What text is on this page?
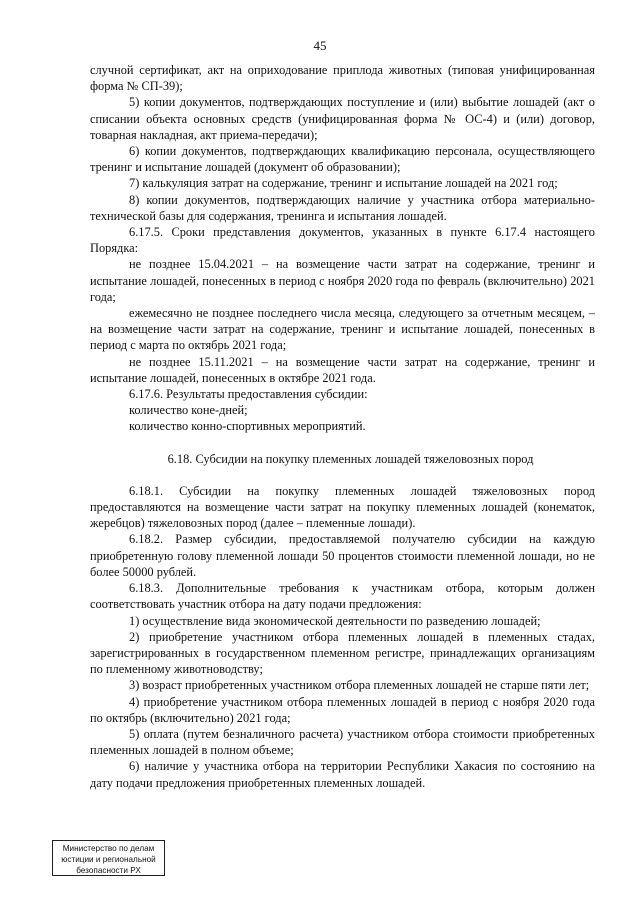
45

случной сертификат, акт на оприходование приплода животных (типовая унифицированная форма № СП-39);

5) копии документов, подтверждающих поступление и (или) выбытие лошадей (акт о списании объекта основных средств (унифицированная форма № ОС-4) и (или) договор, товарная накладная, акт приема-передачи);

6) копии документов, подтверждающих квалификацию персонала, осуществляющего тренинг и испытание лошадей (документ об образовании);

7) калькуляция затрат на содержание, тренинг и испытание лошадей на 2021 год;

8) копии документов, подтверждающих наличие у участника отбора материально-технической базы для содержания, тренинга и испытания лошадей.

6.17.5. Сроки представления документов, указанных в пункте 6.17.4 настоящего Порядка:

не позднее 15.04.2021 – на возмещение части затрат на содержание, тренинг и испытание лошадей, понесенных в период с ноября 2020 года по февраль (включительно) 2021 года;

ежемесячно не позднее последнего числа месяца, следующего за отчетным месяцем, – на возмещение части затрат на содержание, тренинг и испытание лошадей, понесенных в период с марта по октябрь 2021 года;

не позднее 15.11.2021 – на возмещение части затрат на содержание, тренинг и испытание лошадей, понесенных в октябре 2021 года.

6.17.6. Результаты предоставления субсидии:

количество коне-дней;

количество конно-спортивных мероприятий.

6.18. Субсидии на покупку племенных лошадей тяжеловозных пород

6.18.1. Субсидии на покупку племенных лошадей тяжеловозных пород предоставляются на возмещение части затрат на покупку племенных лошадей (конематок, жеребцов) тяжеловозных пород (далее – племенные лошади).

6.18.2. Размер субсидии, предоставляемой получателю субсидии на каждую приобретенную голову племенной лошади 50 процентов стоимости племенной лошади, но не более 50000 рублей.

6.18.3. Дополнительные требования к участникам отбора, которым должен соответствовать участник отбора на дату подачи предложения:

1) осуществление вида экономической деятельности по разведению лошадей;

2) приобретение участником отбора племенных лошадей в племенных стадах, зарегистрированных в государственном племенном регистре, принадлежащих организациям по племенному животноводству;

3) возраст приобретенных участником отбора племенных лошадей не старше пяти лет;

4) приобретение участником отбора племенных лошадей в период с ноября 2020 года по октябрь (включительно) 2021 года;

5) оплата (путем безналичного расчета) участником отбора стоимости приобретенных племенных лошадей в полном объеме;

6) наличие у участника отбора на территории Республики Хакасия по состоянию на дату подачи предложения приобретенных племенных лошадей.

Министерство по делам
юстиции и региональной
безопасности РХ
